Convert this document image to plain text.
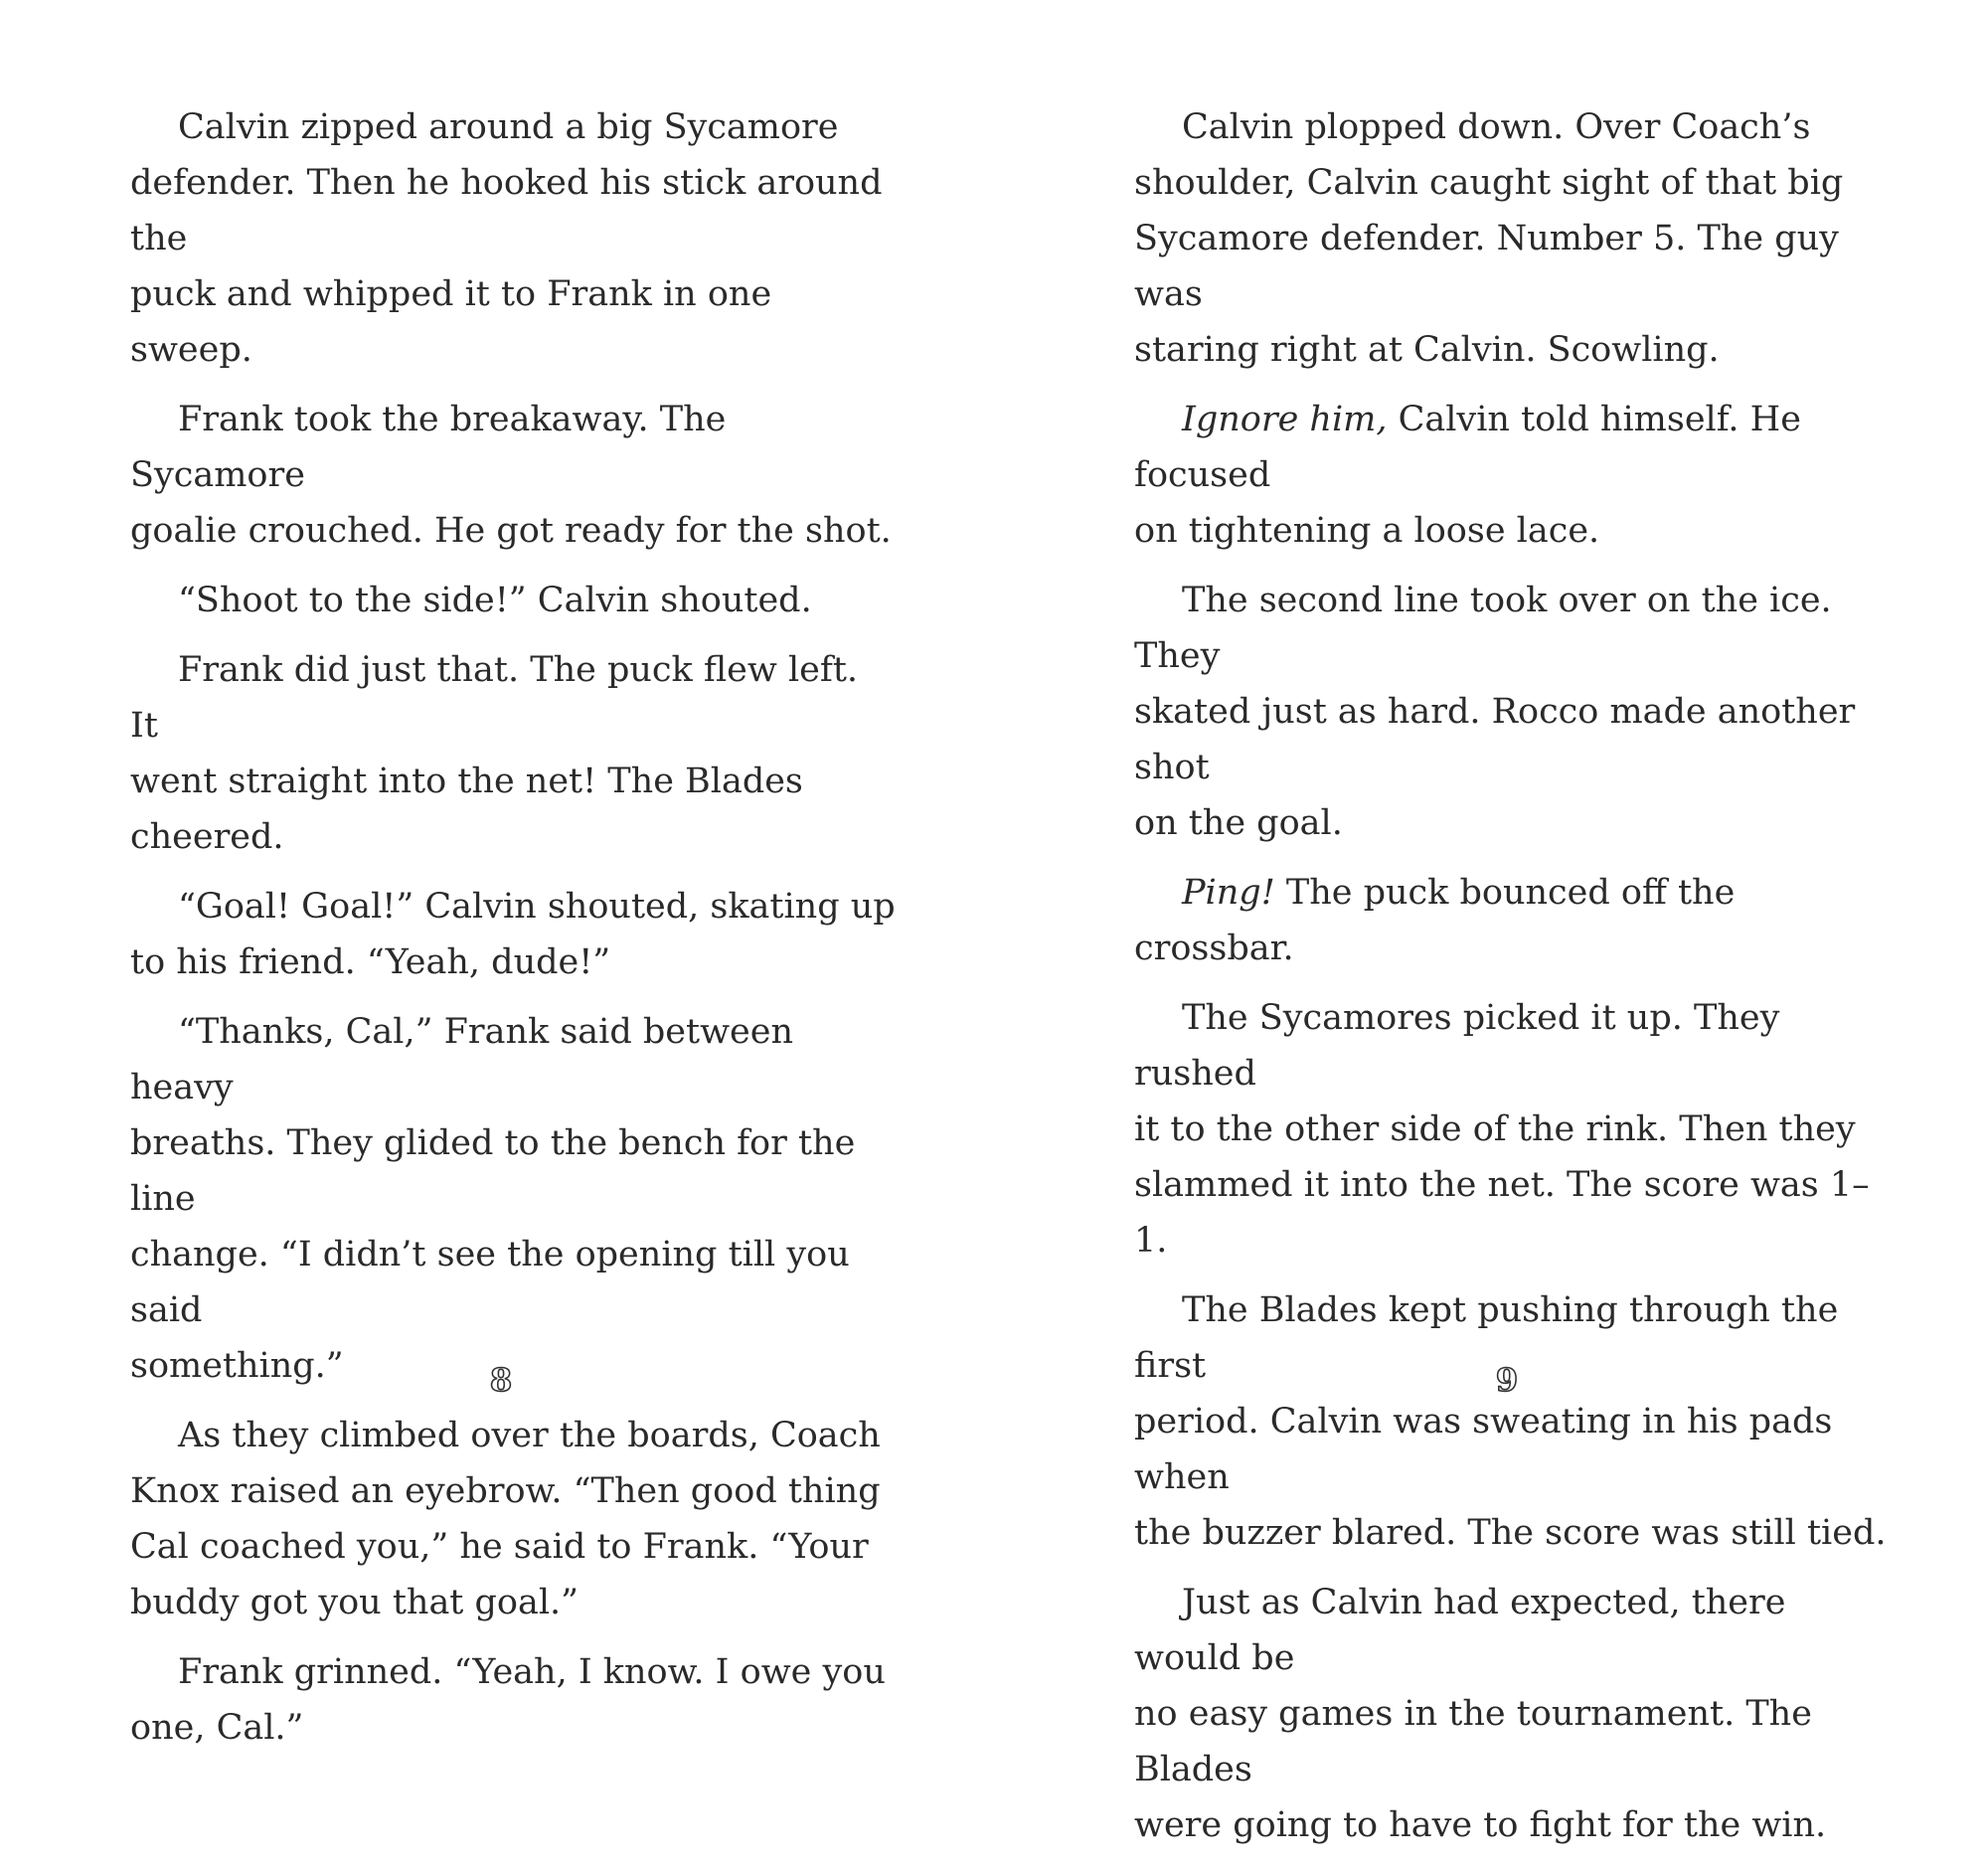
Calvin zipped around a big Sycamore
defender. Then he hooked his stick around the
puck and whipped it to Frank in one sweep.

Frank took the breakaway. The Sycamore
goalie crouched. He got ready for the shot.

“Shoot to the side!” Calvin shouted.

Frank did just that. The puck flew left. It
went straight into the net! The Blades cheered.

“Goal! Goal!” Calvin shouted, skating up
to his friend. “Yeah, dude!”

“Thanks, Cal,” Frank said between heavy
breaths. They glided to the bench for the line
change. “I didn’t see the opening till you said
something.”

As they climbed over the boards, Coach
Knox raised an eyebrow. “Then good thing
Cal coached you,” he said to Frank. “Your
buddy got you that goal.”

Frank grinned. “Yeah, I know. I owe you
one, Cal.”

Calvin plopped down. Over Coach’s
shoulder, Calvin caught sight of that big
Sycamore defender. Number 5. The guy was
staring right at Calvin. Scowling.

Ignore him, Calvin told himself. He focused
on tightening a loose lace.

The second line took over on the ice. They
skated just as hard. Rocco made another shot
on the goal.

Ping! The puck bounced off the crossbar.

The Sycamores picked it up. They rushed
it to the other side of the rink. Then they
slammed it into the net. The score was 1–1.

The Blades kept pushing through the first
period. Calvin was sweating in his pads when
the buzzer blared. The score was still tied.

Just as Calvin had expected, there would be
no easy games in the tournament. The Blades
were going to have to fight for the win.

8	9
